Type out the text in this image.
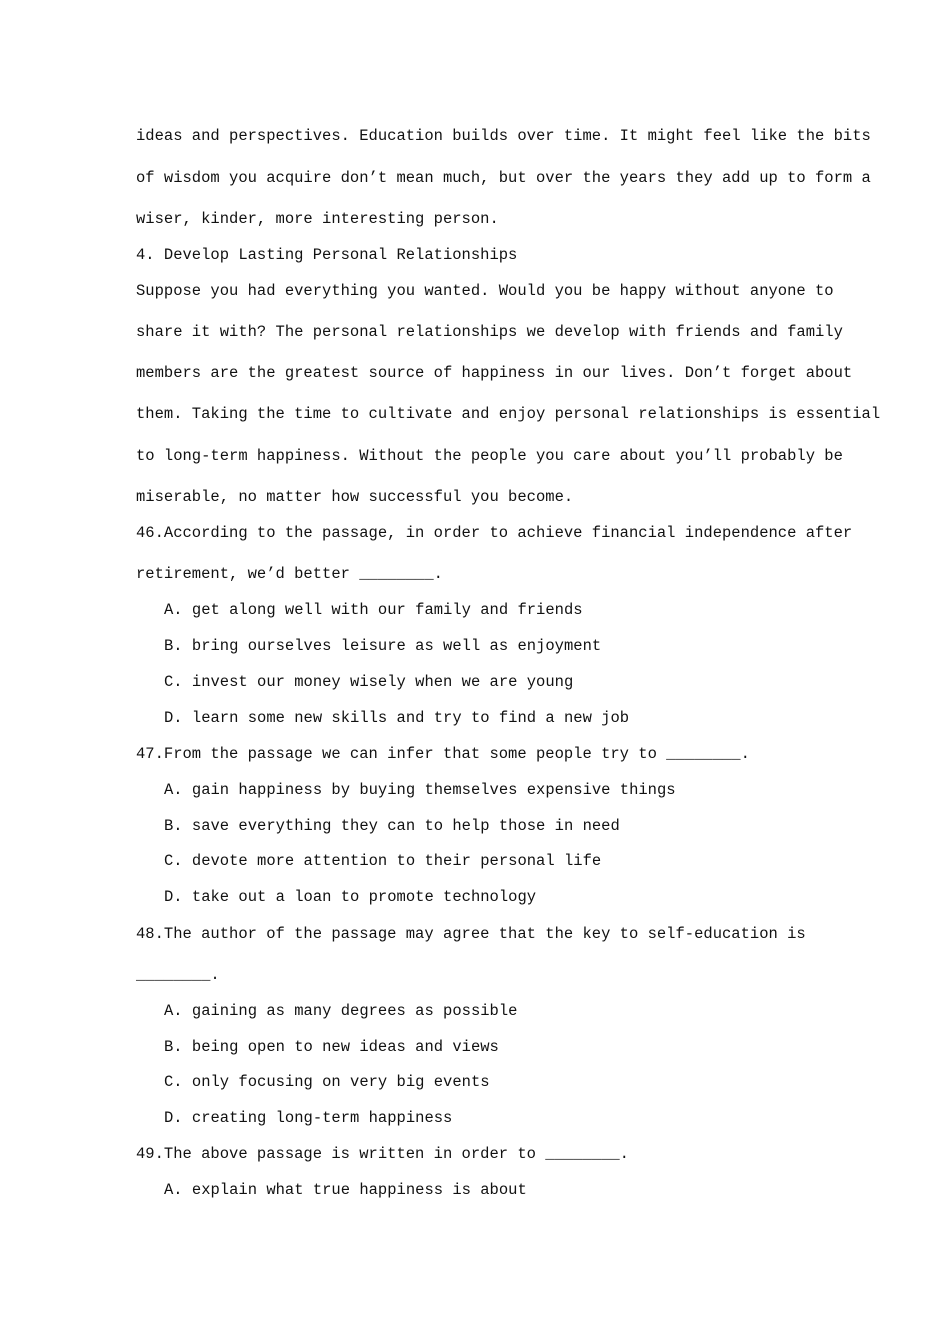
ideas and perspectives. Education builds over time. It might feel like the bits
of wisdom you acquire don’t mean much, but over the years they add up to form a
wiser, kinder, more interesting person.
4. Develop Lasting Personal Relationships
Suppose you had everything you wanted. Would you be happy without anyone to
share it with? The personal relationships we develop with friends and family
members are the greatest source of happiness in our lives. Don’t forget about
them. Taking the time to cultivate and enjoy personal relationships is essential
to long-term happiness. Without the people you care about you’ll probably be
miserable, no matter how successful you become.
46.According to the passage, in order to achieve financial independence after
retirement, we’d better ________.
A. get along well with our family and friends
B. bring ourselves leisure as well as enjoyment
C. invest our money wisely when we are young
D. learn some new skills and try to find a new job
47.From the passage we can infer that some people try to ________.
A. gain happiness by buying themselves expensive things
B. save everything they can to help those in need
C. devote more attention to their personal life
D. take out a loan to promote technology
48.The author of the passage may agree that the key to self-education is
________.
A. gaining as many degrees as possible
B. being open to new ideas and views
C. only focusing on very big events
D. creating long-term happiness
49.The above passage is written in order to ________.
A. explain what true happiness is about
